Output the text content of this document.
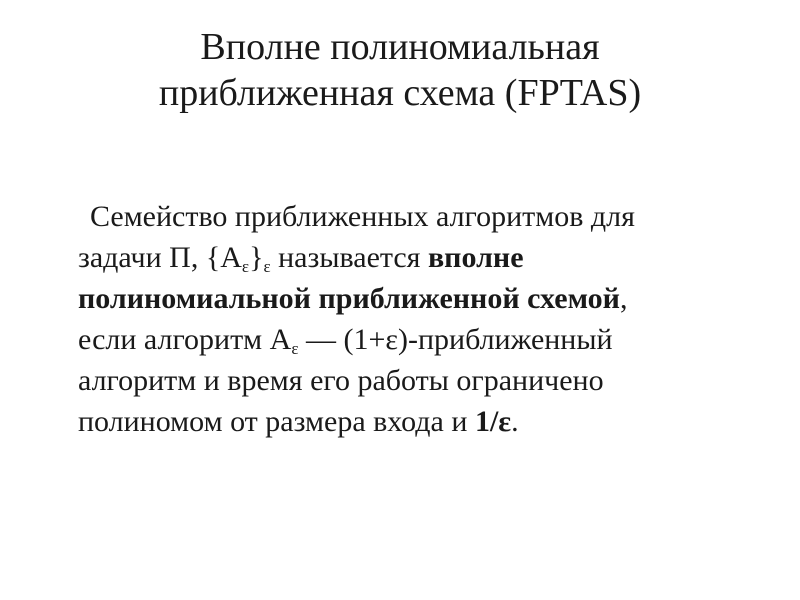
Вполне полиномиальная
приближенная схема (FPTAS)

Семейство приближенных алгоритмов для
задачи П, $\{А_\varepsilon\}_\varepsilon$ называется вполне
полиномиальной приближенной схемой,
если алгоритм $А_\varepsilon$ — (1+ε)-приближенный
алгоритм и время его работы ограничено
полиномом от размера входа и 1/ε.
